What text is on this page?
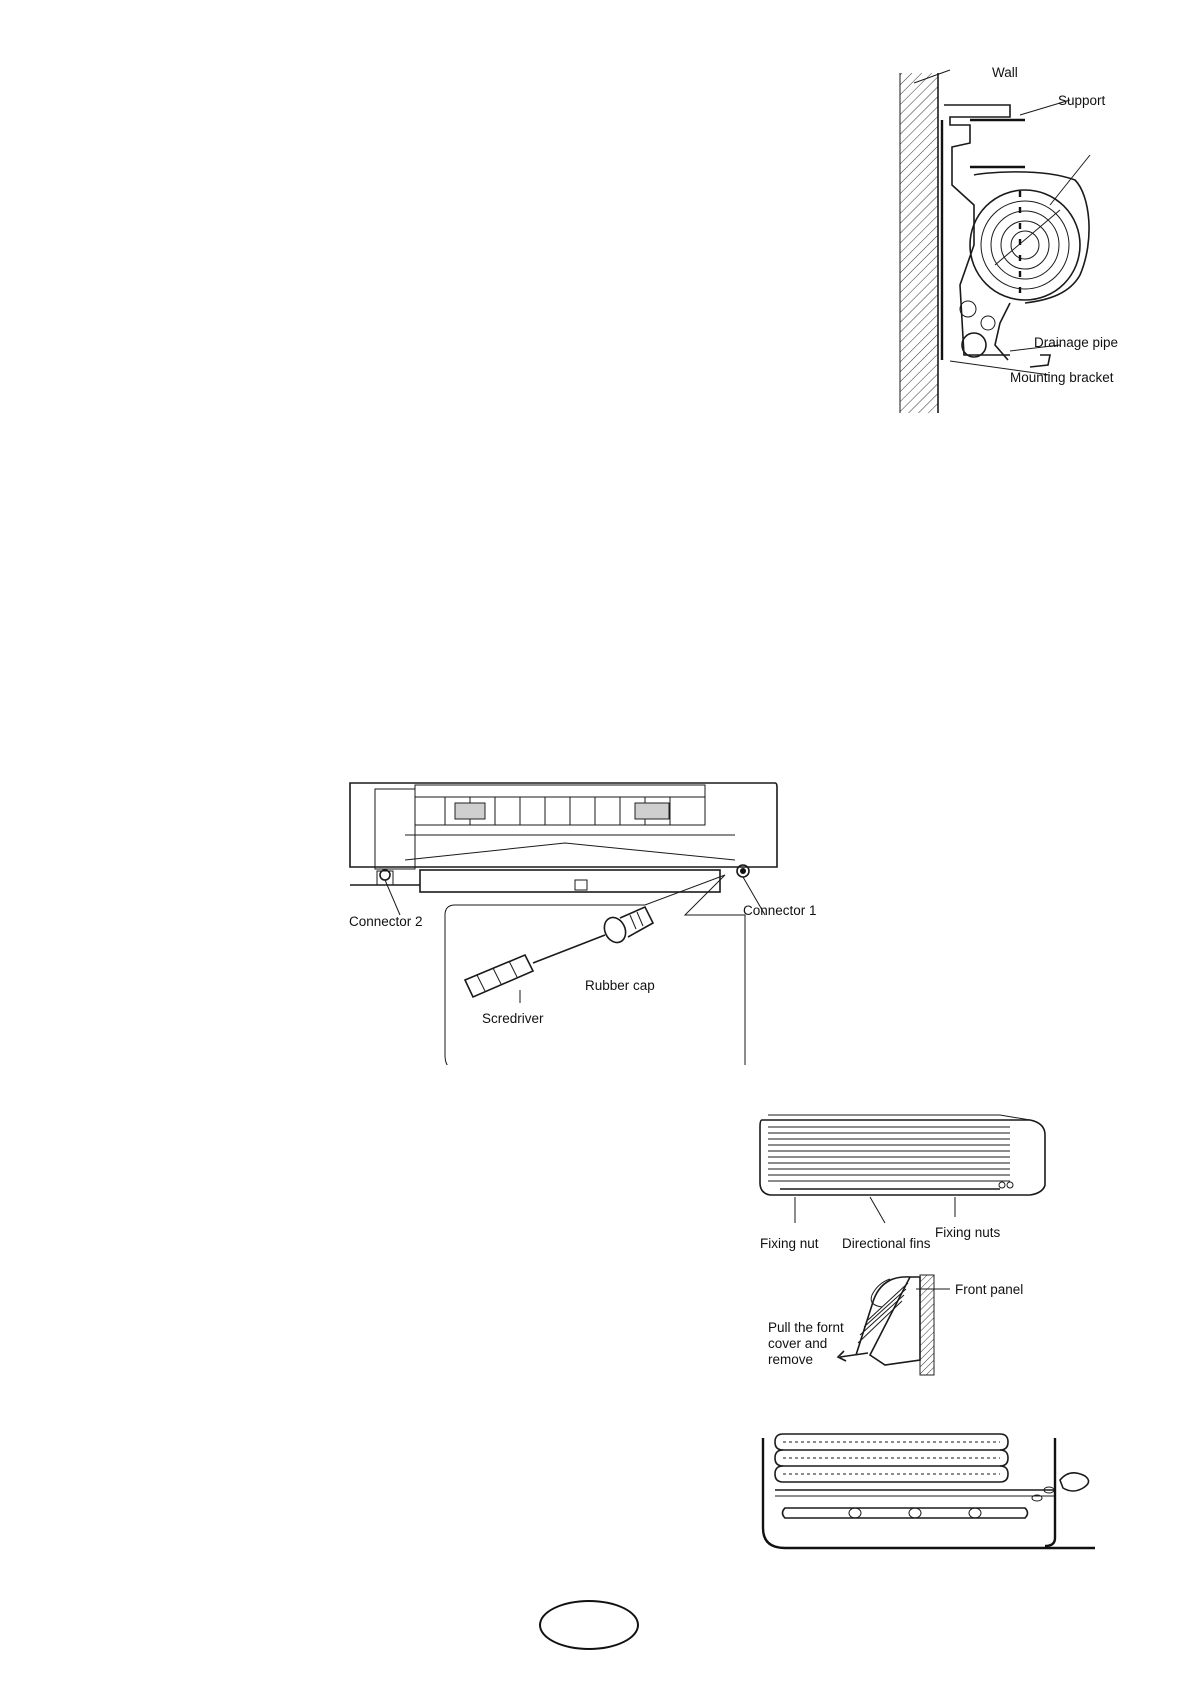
Wall
Support
Drainage pipe
Mounting bracket
Connector 2
Connector 1
Rubber cap
Scredriver
Fixing nut Directional fins
Fixing nuts
Front panel
Pull the fornt
cover and
remove
